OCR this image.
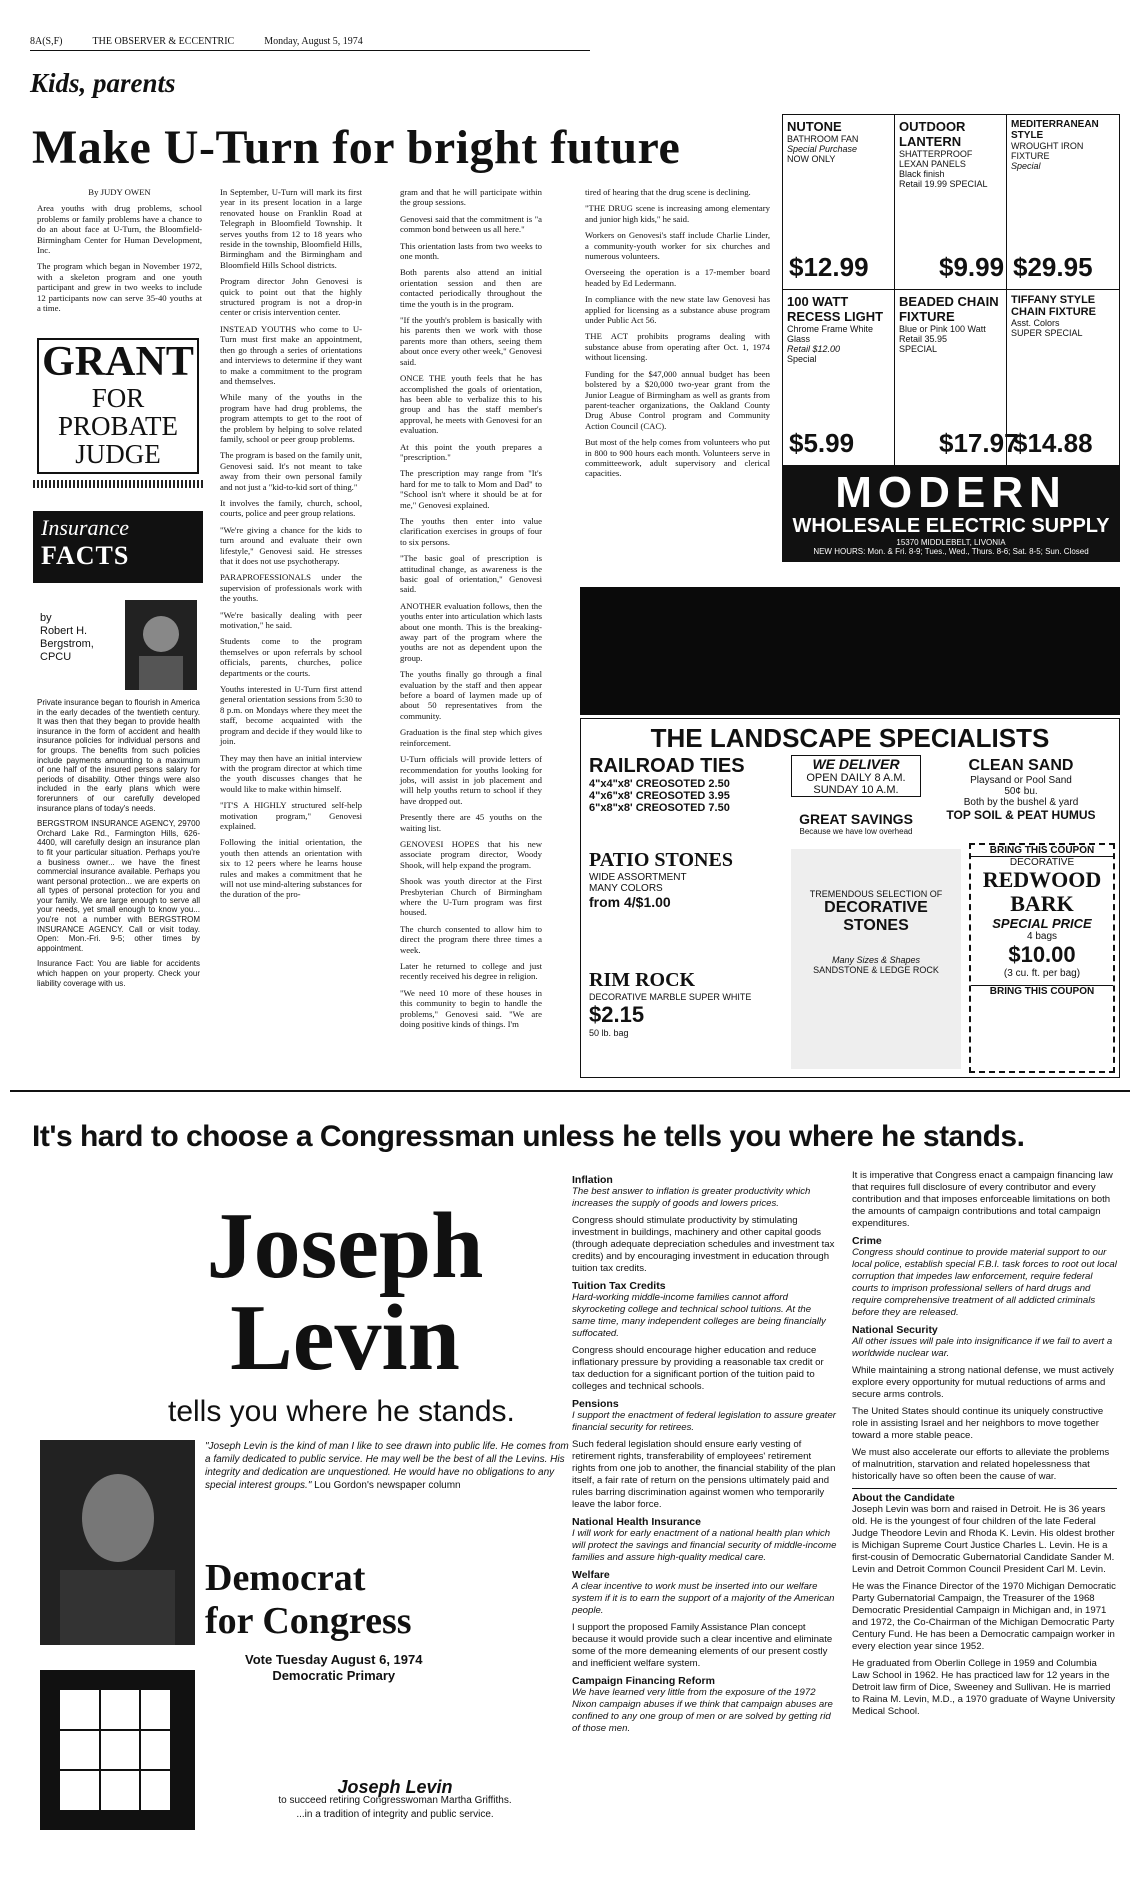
8A(S,F)	THE OBSERVER & ECCENTRIC	Monday, August 5, 1974
Kids, parents
Make U-Turn for bright future
By JUDY OWEN
Area youths with drug problems, school problems or family problems have a chance to do an about face at U-Turn, the Bloomfield-Birmingham Center for Human Development, Inc.
The program which began in November 1972, with a skeleton program and one youth participant and grew in two weeks to include 12 participants now can serve 35-40 youths at a time.
GRANT
FOR
PROBATE
JUDGE
Insurance
FACTS
by
Robert H. Bergstrom, CPCU
Private insurance began to flourish in America in the early decades of the twentieth century. It was then that they began to provide health insurance in the form of accident and health insurance policies for individual persons and for groups. The benefits from such policies include payments amounting to a maximum of one half of the insured persons salary for periods of disability. Other things were also included in the early plans which were forerunners of our carefully developed insurance plans of today's needs.
BERGSTROM INSURANCE AGENCY, 29700 Orchard Lake Rd., Farmington Hills, 626-4400, will carefully design an insurance plan to fit your particular situation. Perhaps you're a business owner... we have the finest commercial insurance available. Perhaps you want personal protection... we are experts on all types of personal protection for you and your family. We are large enough to serve all your needs, yet small enough to know you... you're not a number with BERGSTROM INSURANCE AGENCY. Call or visit today. Open: Mon.-Fri. 9-5; other times by appointment.
Insurance Fact: You are liable for accidents which happen on your property. Check your liability coverage with us.
In September, U-Turn will mark its first year in its present location in a large renovated house on Franklin Road at Telegraph in Bloomfield Township. It serves youths from 12 to 18 years who reside in the township, Bloomfield Hills, Birmingham and the Birmingham and Bloomfield Hills School districts.
Program director John Genovesi is quick to point out that the highly structured program is not a drop-in center or crisis intervention center.
INSTEAD YOUTHS who come to U-Turn must first make an appointment, then go through a series of orientations and interviews to determine if they want to make a commitment to the program and themselves.
While many of the youths in the program have had drug problems, the program attempts to get to the root of the problem by helping to solve related family, school or peer group problems.
The program is based on the family unit, Genovesi said. It's not meant to take away from their own personal family and not just a "kid-to-kid sort of thing."
It involves the family, church, school, courts, police and peer group relations.
"We're giving a chance for the kids to turn around and evaluate their own lifestyle," Genovesi said. He stresses that it does not use psychotherapy.
PARAPROFESSIONALS under the supervision of professionals work with the youths.
"We're basically dealing with peer motivation," he said.
Students come to the program themselves or upon referrals by school officials, parents, churches, police departments or the courts.
Youths interested in U-Turn first attend general orientation sessions from 5:30 to 8 p.m. on Mondays where they meet the staff, become acquainted with the program and decide if they would like to join.
They may then have an initial interview with the program director at which time the youth discusses changes that he would like to make within himself.
"IT'S A HIGHLY structured self-help motivation program," Genovesi explained.
Following the initial orientation, the youth then attends an orientation with six to 12 peers where he learns house rules and makes a commitment that he will not use mind-altering substances for the duration of the pro-
gram and that he will participate within the group sessions.
Genovesi said that the commitment is "a common bond between us all here."
This orientation lasts from two weeks to one month.
Both parents also attend an initial orientation session and then are contacted periodically throughout the time the youth is in the program.
"If the youth's problem is basically with his parents then we work with those parents more than others, seeing them about once every other week," Genovesi said.
ONCE THE youth feels that he has accomplished the goals of orientation, has been able to verbalize this to his group and has the staff member's approval, he meets with Genovesi for an evaluation.
At this point the youth prepares a "prescription."
The prescription may range from "It's hard for me to talk to Mom and Dad" to "School isn't where it should be at for me," Genovesi explained.
The youths then enter into value clarification exercises in groups of four to six persons.
"The basic goal of prescription is attitudinal change, as awareness is the basic goal of orientation," Genovesi said.
ANOTHER evaluation follows, then the youths enter into articulation which lasts about one month. This is the breaking-away part of the program where the youths are not as dependent upon the group.
The youths finally go through a final evaluation by the staff and then appear before a board of laymen made up of about 50 representatives from the community.
Graduation is the final step which gives reinforcement.
U-Turn officials will provide letters of recommendation for youths looking for jobs, will assist in job placement and will help youths return to school if they have dropped out.
Presently there are 45 youths on the waiting list.
GENOVESI HOPES that his new associate program director, Woody Shook, will help expand the program.
Shook was youth director at the First Presbyterian Church of Birmingham where the U-Turn program was first housed.
The church consented to allow him to direct the program there three times a week.
Later he returned to college and just recently received his degree in religion.
"We need 10 more of these houses in this community to begin to handle the problems," Genovesi said. "We are doing positive kinds of things. I'm
tired of hearing that the drug scene is declining.
"THE DRUG scene is increasing among elementary and junior high kids," he said.
Workers on Genovesi's staff include Charlie Linder, a community-youth worker for six churches and numerous volunteers.
Overseeing the operation is a 17-member board headed by Ed Ledermann.
In compliance with the new state law Genovesi has applied for licensing as a substance abuse program under Public Act 56.
THE ACT prohibits programs dealing with substance abuse from operating after Oct. 1, 1974 without licensing.
Funding for the $47,000 annual budget has been bolstered by a $20,000 two-year grant from the Junior League of Birmingham as well as grants from parent-teacher organizations, the Oakland County Drug Abuse Control program and Community Action Council (CAC).
But most of the help comes from volunteers who put in 800 to 900 hours each month. Volunteers serve in committeework, adult supervisory and clerical capacities.
NUTONE
BATHROOM FAN
Special Purchase
NOW ONLY
$12.99
OUTDOOR LANTERN
SHATTERPROOF LEXAN PANELS
Black finish
Retail 19.99 SPECIAL
$9.99
MEDITERRANEAN STYLE
WROUGHT IRON FIXTURE
Special
$29.95
100 WATT RECESS LIGHT
Chrome Frame White Glass
Retail $12.00
Special
$5.99
BEADED CHAIN FIXTURE
Blue or Pink 100 Watt
Retail 35.95
SPECIAL
$17.97
TIFFANY STYLE CHAIN FIXTURE
Asst. Colors
SUPER SPECIAL
$14.88
MODERN
WHOLESALE ELECTRIC SUPPLY
15370 MIDDLEBELT, LIVONIA
NEW HOURS: Mon. & Fri. 8-9; Tues., Wed., Thurs. 8-6; Sat. 8-5; Sun. Closed
THE LANDSCAPE SPECIALISTS
RAILROAD TIES
4"x4"x8' CREOSOTED 2.50
4"x6"x8' CREOSOTED 3.95
6"x8"x8' CREOSOTED 7.50
WE DELIVER
OPEN DAILY 8 A.M.
SUNDAY 10 A.M.
GREAT SAVINGS
Because we have low overhead
CLEAN SAND
Playsand or Pool Sand
50¢ bu.
Both by the bushel & yard
TOP SOIL & PEAT HUMUS
PATIO STONES
WIDE ASSORTMENT
MANY COLORS
from 4/$1.00
RIM ROCK
DECORATIVE MARBLE SUPER WHITE
$2.15
50 lb. bag
TREMENDOUS SELECTION OF
DECORATIVE STONES
Many Sizes & Shapes
SANDSTONE & LEDGE ROCK
BRING THIS COUPON
DECORATIVE
REDWOOD BARK
SPECIAL PRICE
4 bags
$10.00
(3 cu. ft. per bag)
BRING THIS COUPON
It's hard to choose a Congressman unless he tells you where he stands.
Joseph
Levin
tells you where he stands.
"Joseph Levin is the kind of man I like to see drawn into public life. He comes from a family dedicated to public service. He may well be the best of all the Levins. His integrity and dedication are unquestioned. He would have no obligations to any special interest groups." Lou Gordon's newspaper column
Democrat
for Congress
Vote Tuesday August 6, 1974
Democratic Primary
Joseph Levin
to succeed retiring Congresswoman Martha Griffiths.
...in a tradition of integrity and public service.
Inflation
The best answer to inflation is greater productivity which increases the supply of goods and lowers prices.
Congress should stimulate productivity by stimulating investment in buildings, machinery and other capital goods (through adequate depreciation schedules and investment tax credits) and by encouraging investment in education through tuition tax credits.
Tuition Tax Credits
Hard-working middle-income families cannot afford skyrocketing college and technical school tuitions. At the same time, many independent colleges are being financially suffocated.
Congress should encourage higher education and reduce inflationary pressure by providing a reasonable tax credit or tax deduction for a significant portion of the tuition paid to colleges and technical schools.
Pensions
I support the enactment of federal legislation to assure greater financial security for retirees.
Such federal legislation should ensure early vesting of retirement rights, transferability of employees' retirement rights from one job to another, the financial stability of the plan itself, a fair rate of return on the pensions ultimately paid and rules barring discrimination against women who temporarily leave the labor force.
National Health Insurance
I will work for early enactment of a national health plan which will protect the savings and financial security of middle-income families and assure high-quality medical care.
Welfare
A clear incentive to work must be inserted into our welfare system if it is to earn the support of a majority of the American people.
I support the proposed Family Assistance Plan concept because it would provide such a clear incentive and eliminate some of the more demeaning elements of our present costly and inefficient welfare system.
Campaign Financing Reform
We have learned very little from the exposure of the 1972 Nixon campaign abuses if we think that campaign abuses are confined to any one group of men or are solved by getting rid of those men.
It is imperative that Congress enact a campaign financing law that requires full disclosure of every contributor and every contribution and that imposes enforceable limitations on both the amounts of campaign contributions and total campaign expenditures.
Crime
Congress should continue to provide material support to our local police, establish special F.B.I. task forces to root out local corruption that impedes law enforcement, require federal courts to imprison professional sellers of hard drugs and require comprehensive treatment of all addicted criminals before they are released.
National Security
All other issues will pale into insignificance if we fail to avert a worldwide nuclear war.
While maintaining a strong national defense, we must actively explore every opportunity for mutual reductions of arms and secure arms controls.
The United States should continue its uniquely constructive role in assisting Israel and her neighbors to move together toward a more stable peace.
We must also accelerate our efforts to alleviate the problems of malnutrition, starvation and related hopelessness that historically have so often been the cause of war.
About the Candidate
Joseph Levin was born and raised in Detroit. He is 36 years old. He is the youngest of four children of the late Federal Judge Theodore Levin and Rhoda K. Levin. His oldest brother is Michigan Supreme Court Justice Charles L. Levin. He is a first-cousin of Democratic Gubernatorial Candidate Sander M. Levin and Detroit Common Council President Carl M. Levin.
He was the Finance Director of the 1970 Michigan Democratic Party Gubernatorial Campaign, the Treasurer of the 1968 Democratic Presidential Campaign in Michigan and, in 1971 and 1972, the Co-Chairman of the Michigan Democratic Party Century Fund. He has been a Democratic campaign worker in every election year since 1952.
He graduated from Oberlin College in 1959 and Columbia Law School in 1962. He has practiced law for 12 years in the Detroit law firm of Dice, Sweeney and Sullivan. He is married to Raina M. Levin, M.D., a 1970 graduate of Wayne University Medical School.
